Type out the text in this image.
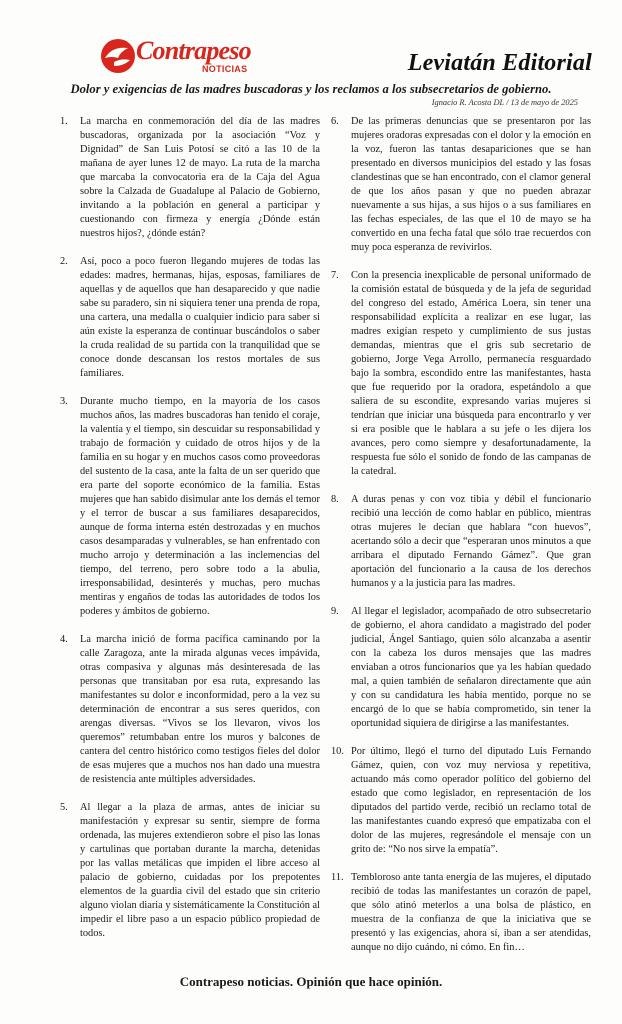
Contrapeso
NOTICIAS	Leviatán Editorial
Dolor y exigencias de las madres buscadoras y los reclamos a los subsecretarios de gobierno.
Ignacio R. Acosta DL / 13 de mayo de 2025
1.	La marcha en conmemoración del día de las madres buscadoras, organizada por la asociación “Voz y Dignidad” de San Luis Potosí se citó a las 10 de la mañana de ayer lunes 12 de mayo. La ruta de la marcha que marcaba la convocatoria era de la Caja del Agua sobre la Calzada de Guadalupe al Palacio de Gobierno, invitando a la población en general a participar y cuestionando con firmeza y energía ¿Dónde están nuestros hijos?, ¿dónde están?
2.	Así, poco a poco fueron llegando mujeres de todas las edades: madres, hermanas, hijas, esposas, familiares de aquellas y de aquellos que han desaparecido y que nadie sabe su paradero, sin ni siquiera tener una prenda de ropa, una cartera, una medalla o cualquier indicio para saber si aún existe la esperanza de continuar buscándolos o saber la cruda realidad de su partida con la tranquilidad que se conoce donde descansan los restos mortales de sus familiares.
3.	Durante mucho tiempo, en la mayoría de los casos muchos años, las madres buscadoras han tenido el coraje, la valentía y el tiempo, sin descuidar su responsabilidad y trabajo de formación y cuidado de otros hijos y de la familia en su hogar y en muchos casos como proveedoras del sustento de la casa, ante la falta de un ser querido que era parte del soporte económico de la familia. Estas mujeres que han sabido disimular ante los demás el temor y el terror de buscar a sus familiares desaparecidos, aunque de forma interna estén destrozadas y en muchos casos desamparadas y vulnerables, se han enfrentado con mucho arrojo y determinación a las inclemencias del tiempo, del terreno, pero sobre todo a la abulia, irresponsabilidad, desinterés y muchas, pero muchas mentiras y engaños de todas las autoridades de todos los poderes y ámbitos de gobierno.
4.	La marcha inició de forma pacífica caminando por la calle Zaragoza, ante la mirada algunas veces impávida, otras compasiva y algunas más desinteresada de las personas que transitaban por esa ruta, expresando las manifestantes su dolor e inconformidad, pero a la vez su determinación de encontrar a sus seres queridos, con arengas diversas. “Vivos se los llevaron, vivos los queremos” retumbaban entre los muros y balcones de cantera del centro histórico como testigos fieles del dolor de esas mujeres que a muchos nos han dado una muestra de resistencia ante múltiples adversidades.
5.	Al llegar a la plaza de armas, antes de iniciar su manifestación y expresar su sentir, siempre de forma ordenada, las mujeres extendieron sobre el piso las lonas y cartulinas que portaban durante la marcha, detenidas por las vallas metálicas que impiden el libre acceso al palacio de gobierno, cuidadas por los prepotentes elementos de la guardia civil del estado que sin criterio alguno violan diaria y sistemáticamente la Constitución al impedir el libre paso a un espacio público propiedad de todos.
6.	De las primeras denuncias que se presentaron por las mujeres oradoras expresadas con el dolor y la emoción en la voz, fueron las tantas desapariciones que se han presentado en diversos municipios del estado y las fosas clandestinas que se han encontrado, con el clamor general de que los años pasan y que no pueden abrazar nuevamente a sus hijas, a sus hijos o a sus familiares en las fechas especiales, de las que el 10 de mayo se ha convertido en una fecha fatal que sólo trae recuerdos con muy poca esperanza de revivirlos.
7.	Con la presencia inexplicable de personal uniformado de la comisión estatal de búsqueda y de la jefa de seguridad del congreso del estado, América Loera, sin tener una responsabilidad explícita a realizar en ese lugar, las madres exigían respeto y cumplimiento de sus justas demandas, mientras que el gris sub secretario de gobierno, Jorge Vega Arrollo, permanecía resguardado bajo la sombra, escondido entre las manifestantes, hasta que fue requerido por la oradora, espetándolo a que saliera de su escondite, expresando varias mujeres si tendrían que iniciar una búsqueda para encontrarlo y ver si era posible que le hablara a su jefe o les dijera los avances, pero como siempre y desafortunadamente, la respuesta fue sólo el sonido de fondo de las campanas de la catedral.
8.	A duras penas y con voz tibia y débil el funcionario recibió una lección de como hablar en público, mientras otras mujeres le decían que hablara “con huevos”, acertando sólo a decir que “esperaran unos minutos a que arribara el diputado Fernando Gámez”. Que gran aportación del funcionario a la causa de los derechos humanos y a la justicia para las madres.
9.	Al llegar el legislador, acompañado de otro subsecretario de gobierno, el ahora candidato a magistrado del poder judicial, Ángel Santiago, quien sólo alcanzaba a asentir con la cabeza los duros mensajes que las madres enviaban a otros funcionarios que ya les habían quedado mal, a quien también de señalaron directamente que aún y con su candidatura les había mentido, porque no se encargó de lo que se había comprometido, sin tener la oportunidad siquiera de dirigirse a las manifestantes.
10. Por último, llegó el turno del diputado Luis Fernando Gámez, quien, con voz muy nerviosa y repetitiva, actuando más como operador político del gobierno del estado que como legislador, en representación de los diputados del partido verde, recibió un reclamo total de las manifestantes cuando expresó que empatizaba con el dolor de las mujeres, regresándole el mensaje con un grito de: “No nos sirve la empatía”.
11. Tembloroso ante tanta energía de las mujeres, el diputado recibió de todas las manifestantes un corazón de papel, que sólo atinó meterlos a una bolsa de plástico, en muestra de la confianza de que la iniciativa que se presentó y las exigencias, ahora sí, iban a ser atendidas, aunque no dijo cuándo, ni cómo. En fin…
Contrapeso noticias. Opinión que hace opinión.
